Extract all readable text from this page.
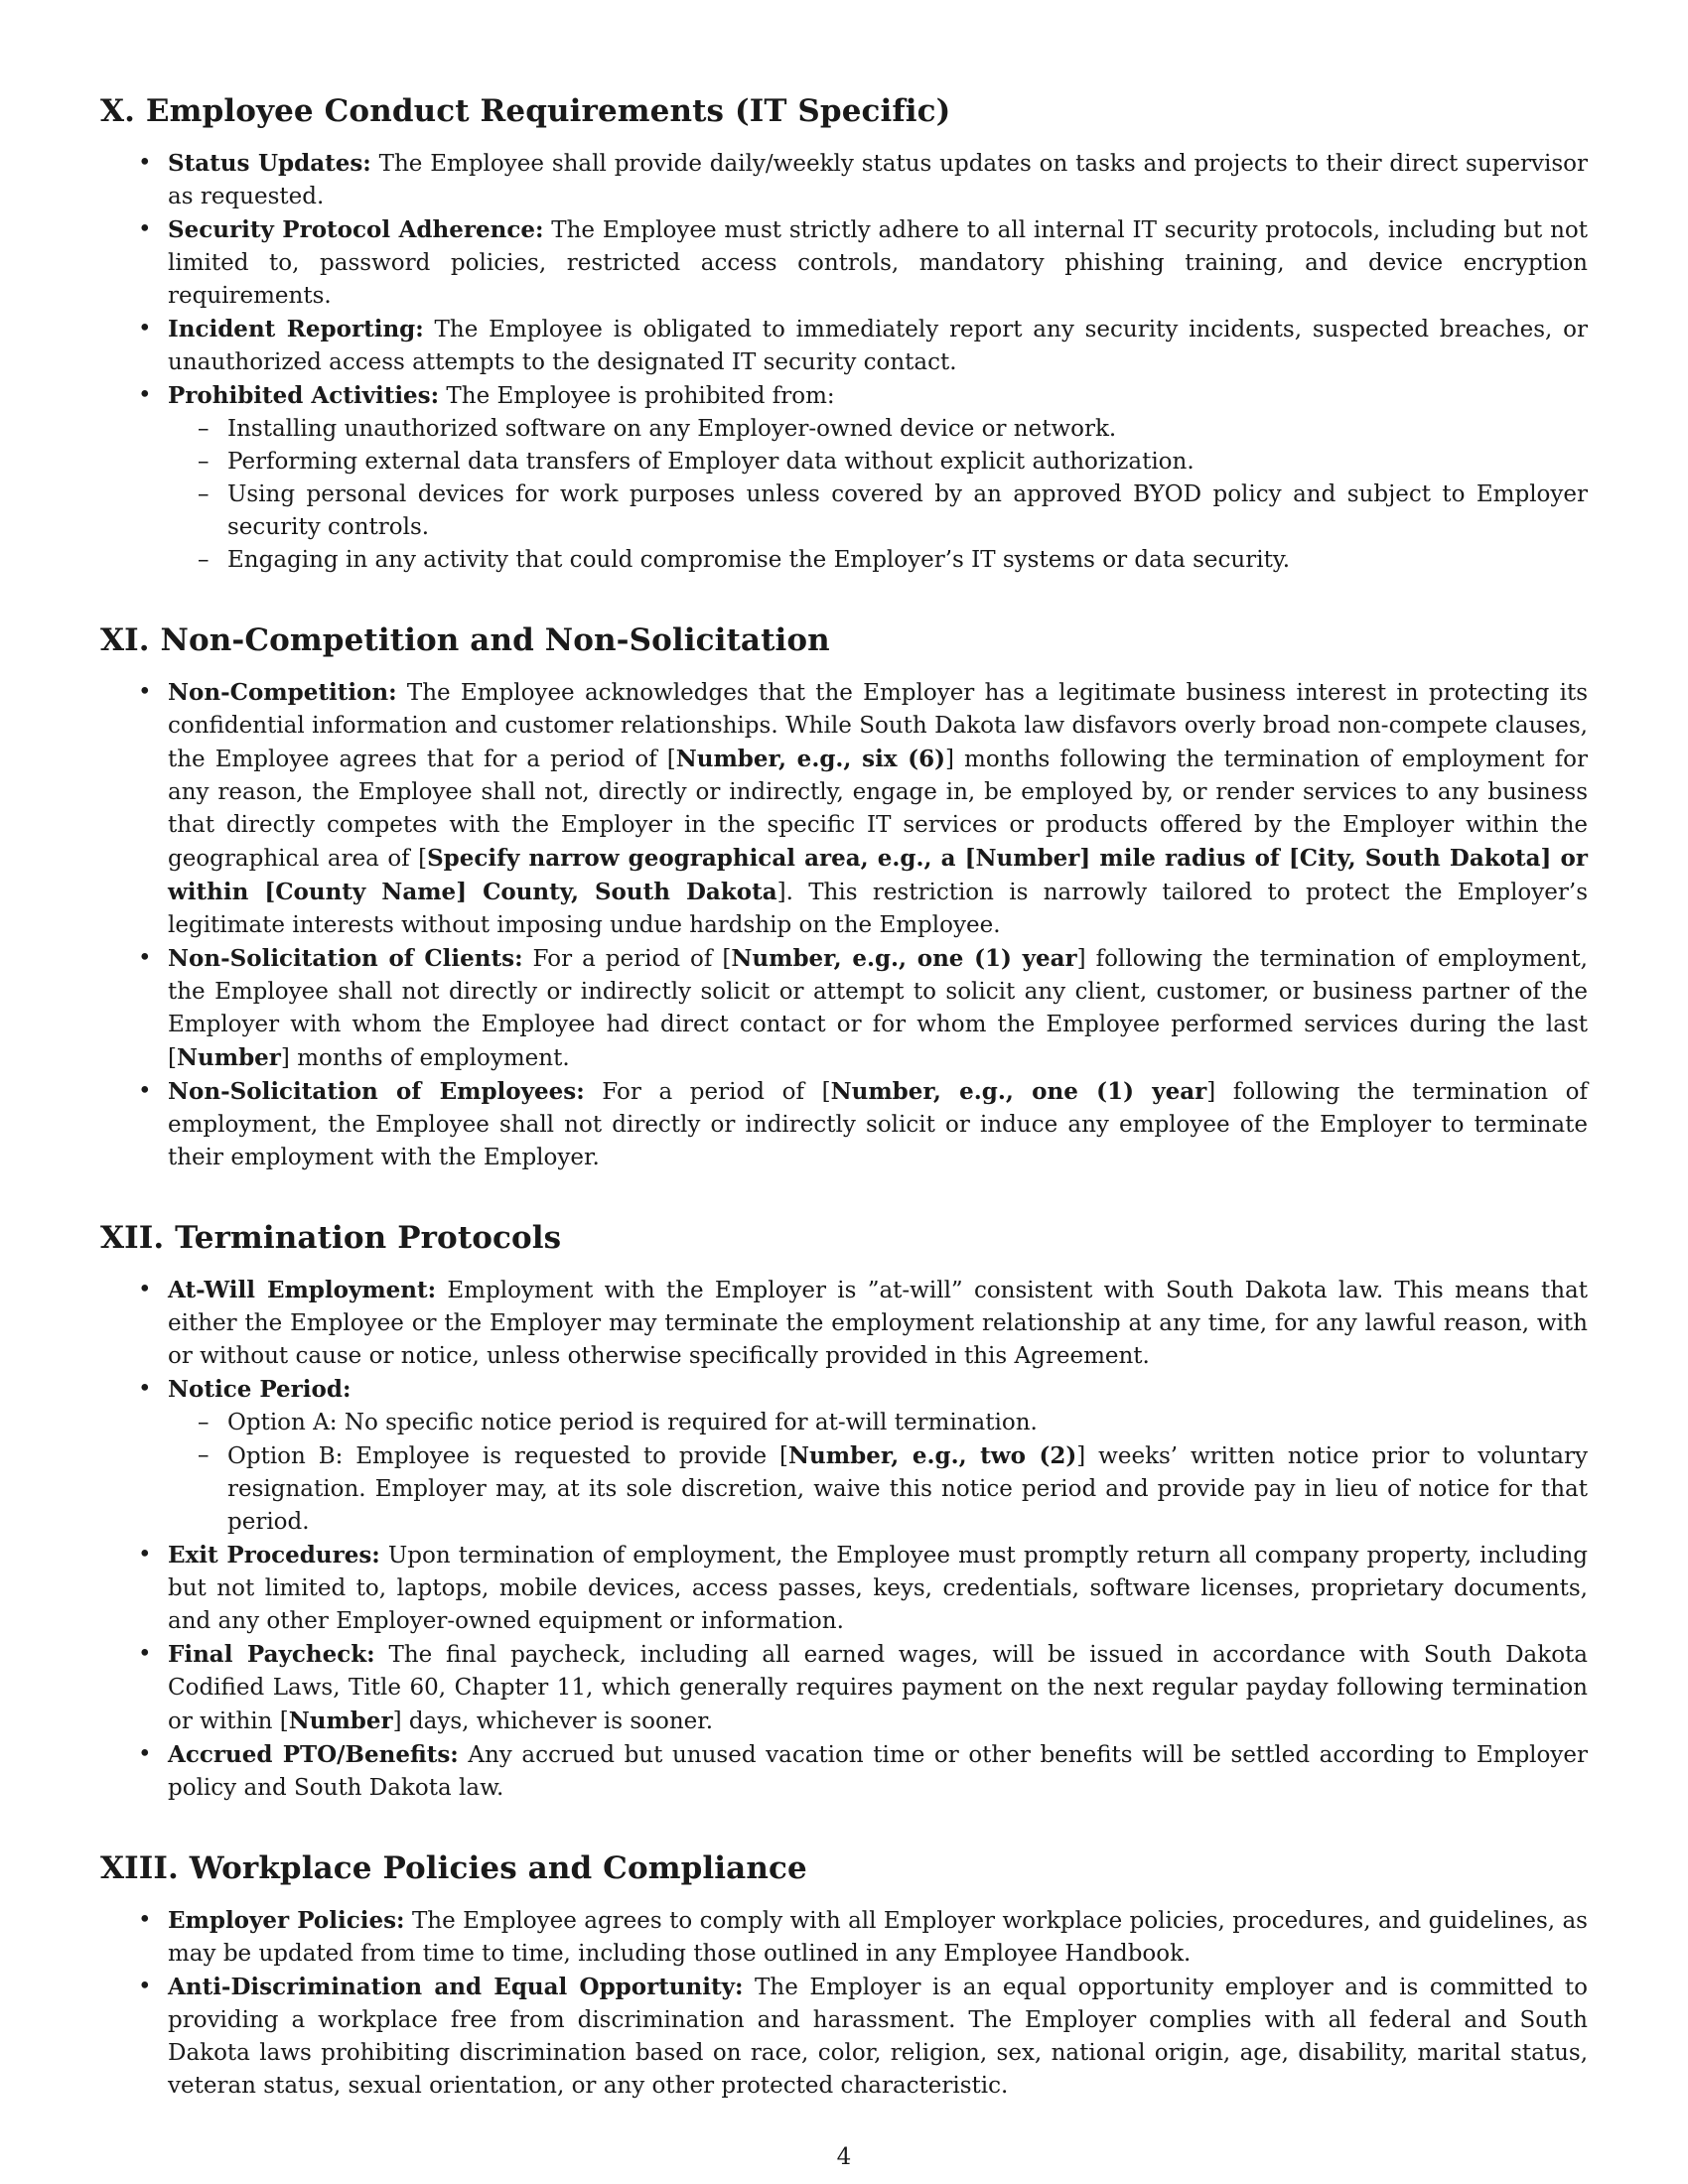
X. Employee Conduct Requirements (IT Specific)
• Status Updates: The Employee shall provide daily/weekly status updates on tasks and projects to their direct supervisor as requested.
• Security Protocol Adherence: The Employee must strictly adhere to all internal IT security protocols, including but not limited to, password policies, restricted access controls, mandatory phishing training, and device encryption requirements.
• Incident Reporting: The Employee is obligated to immediately report any security incidents, suspected breaches, or unauthorized access attempts to the designated IT security contact.
• Prohibited Activities: The Employee is prohibited from:
– Installing unauthorized software on any Employer-owned device or network.
– Performing external data transfers of Employer data without explicit authorization.
– Using personal devices for work purposes unless covered by an approved BYOD policy and subject to Employer security controls.
– Engaging in any activity that could compromise the Employer’s IT systems or data security.
XI. Non-Competition and Non-Solicitation
• Non-Competition: The Employee acknowledges that the Employer has a legitimate business interest in protecting its confidential information and customer relationships. While South Dakota law disfavors overly broad non-compete clauses, the Employee agrees that for a period of [Number, e.g., six (6)] months following the termination of employment for any reason, the Employee shall not, directly or indirectly, engage in, be employed by, or render services to any business that directly competes with the Employer in the specific IT services or products offered by the Employer within the geographical area of [Specify narrow geographical area, e.g., a [Number] mile radius of [City, South Dakota] or within [County Name] County, South Dakota]. This restriction is narrowly tailored to protect the Employer’s legitimate interests without imposing undue hardship on the Employee.
• Non-Solicitation of Clients: For a period of [Number, e.g., one (1) year] following the termination of employment, the Employee shall not directly or indirectly solicit or attempt to solicit any client, customer, or business partner of the Employer with whom the Employee had direct contact or for whom the Employee performed services during the last [Number] months of employment.
• Non-Solicitation of Employees: For a period of [Number, e.g., one (1) year] following the termination of employment, the Employee shall not directly or indirectly solicit or induce any employee of the Employer to terminate their employment with the Employer.
XII. Termination Protocols
• At-Will Employment: Employment with the Employer is ”at-will” consistent with South Dakota law. This means that either the Employee or the Employer may terminate the employment relationship at any time, for any lawful reason, with or without cause or notice, unless otherwise specifically provided in this Agreement.
• Notice Period:
– Option A: No specific notice period is required for at-will termination.
– Option B: Employee is requested to provide [Number, e.g., two (2)] weeks’ written notice prior to voluntary resignation. Employer may, at its sole discretion, waive this notice period and provide pay in lieu of notice for that period.
• Exit Procedures: Upon termination of employment, the Employee must promptly return all company property, including but not limited to, laptops, mobile devices, access passes, keys, credentials, software licenses, proprietary documents, and any other Employer-owned equipment or information.
• Final Paycheck: The final paycheck, including all earned wages, will be issued in accordance with South Dakota Codified Laws, Title 60, Chapter 11, which generally requires payment on the next regular payday following termination or within [Number] days, whichever is sooner.
• Accrued PTO/Benefits: Any accrued but unused vacation time or other benefits will be settled according to Employer policy and South Dakota law.
XIII. Workplace Policies and Compliance
• Employer Policies: The Employee agrees to comply with all Employer workplace policies, procedures, and guidelines, as may be updated from time to time, including those outlined in any Employee Handbook.
• Anti-Discrimination and Equal Opportunity: The Employer is an equal opportunity employer and is committed to providing a workplace free from discrimination and harassment. The Employer complies with all federal and South Dakota laws prohibiting discrimination based on race, color, religion, sex, national origin, age, disability, marital status, veteran status, sexual orientation, or any other protected characteristic.
4
